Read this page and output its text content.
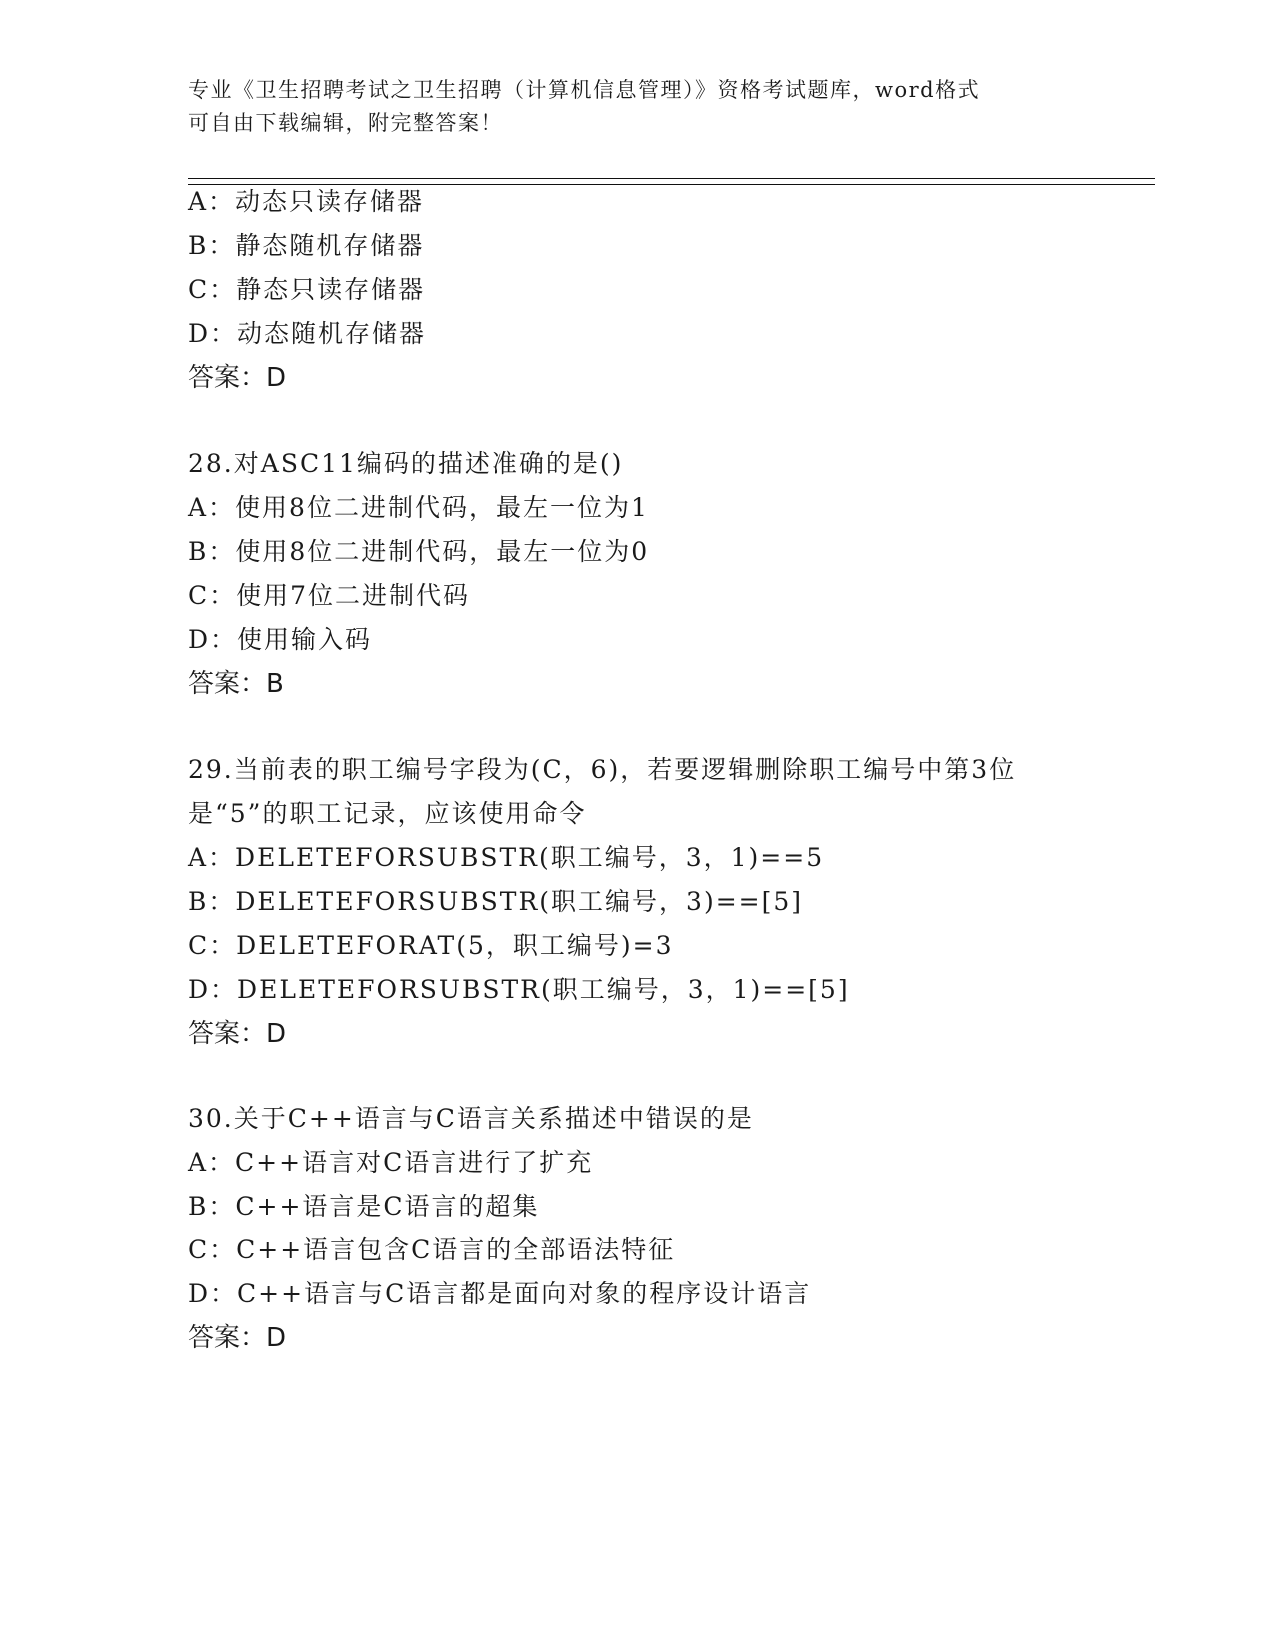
专业《卫生招聘考试之卫生招聘（计算机信息管理）》资格考试题库，word格式
可自由下载编辑，附完整答案！
A：动态只读存储器
B：静态随机存储器
C：静态只读存储器
D：动态随机存储器
答案：D
28.对ASC11编码的描述准确的是()
A：使用8位二进制代码，最左一位为1
B：使用8位二进制代码，最左一位为0
C：使用7位二进制代码
D：使用输入码
答案：B
29.当前表的职工编号字段为(C，6)，若要逻辑删除职工编号中第3位
是“5”的职工记录，应该使用命令
A：DELETEFORSUBSTR(职工编号，3，1)==5
B：DELETEFORSUBSTR(职工编号，3)==[5]
C：DELETEFORAT(5，职工编号)=3
D：DELETEFORSUBSTR(职工编号，3，1)==[5]
答案：D
30.关于C++语言与C语言关系描述中错误的是
A：C++语言对C语言进行了扩充
B：C++语言是C语言的超集
C：C++语言包含C语言的全部语法特征
D：C++语言与C语言都是面向对象的程序设计语言
答案：D
